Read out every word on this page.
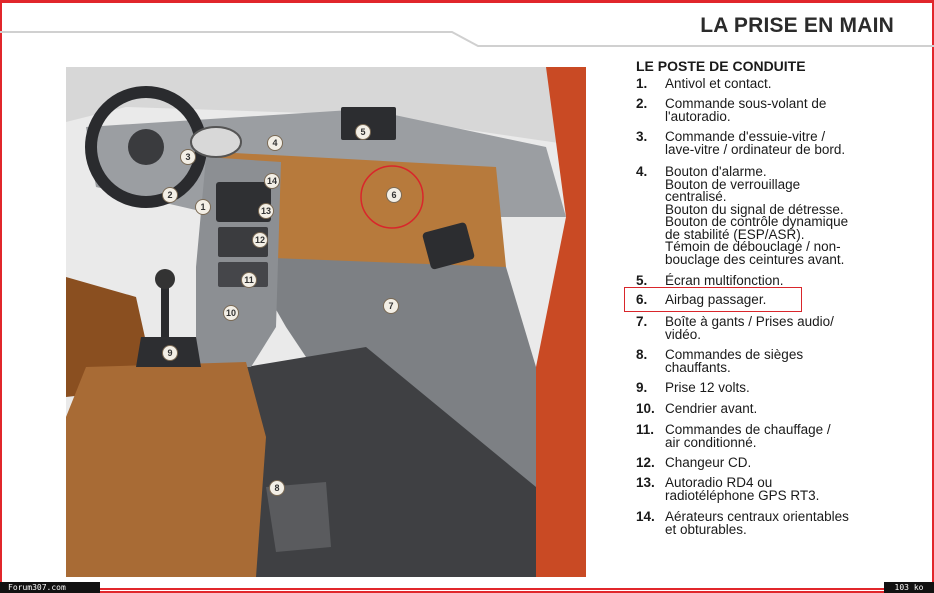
LA PRISE EN MAIN
1
2
3
4
5
6
7
8
9
10
11
12
13
14
LE POSTE DE CONDUITE
1. Antivol et contact.
2. Commande sous-volant de
l'autoradio.
3. Commande d'essuie-vitre /
lave-vitre / ordinateur de bord.
4. Bouton d'alarme.
Bouton de verrouillage
centralisé.
Bouton du signal de détresse.
Bouton de contrôle dynamique
de stabilité (ESP/ASR).
Témoin de débouclage / non-
bouclage des ceintures avant.
5. Écran multifonction.
6. Airbag passager.
7. Boîte à gants / Prises audio/
vidéo.
8. Commandes de sièges
chauffants.
9. Prise 12 volts.
10. Cendrier avant.
11. Commandes de chauffage /
air conditionné.
12. Changeur CD.
13. Autoradio RD4 ou
radiotéléphone GPS RT3.
14. Aérateurs centraux orientables
et obturables.
Forum307.com	103 ko
